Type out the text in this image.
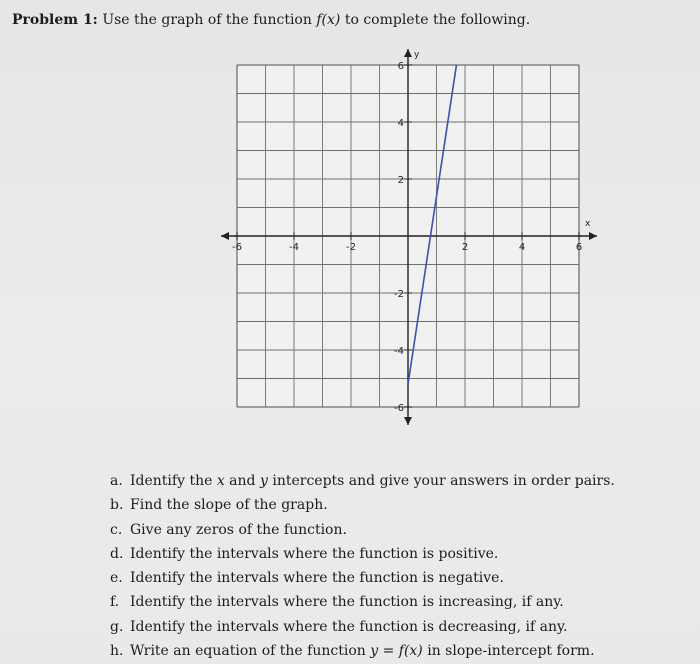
Problem 1: Use the graph of the function f(x) to complete the following.
x
y
-6	-4	-2	2	4	6
6
4
2
-2
-4
-6
a. Identify the x and y intercepts and give your answers in order pairs.
b. Find the slope of the graph.
c. Give any zeros of the function.
d. Identify the intervals where the function is positive.
e. Identify the intervals where the function is negative.
f. Identify the intervals where the function is increasing, if any.
g. Identify the intervals where the function is decreasing, if any.
h. Write an equation of the function y = f(x) in slope-intercept form.
